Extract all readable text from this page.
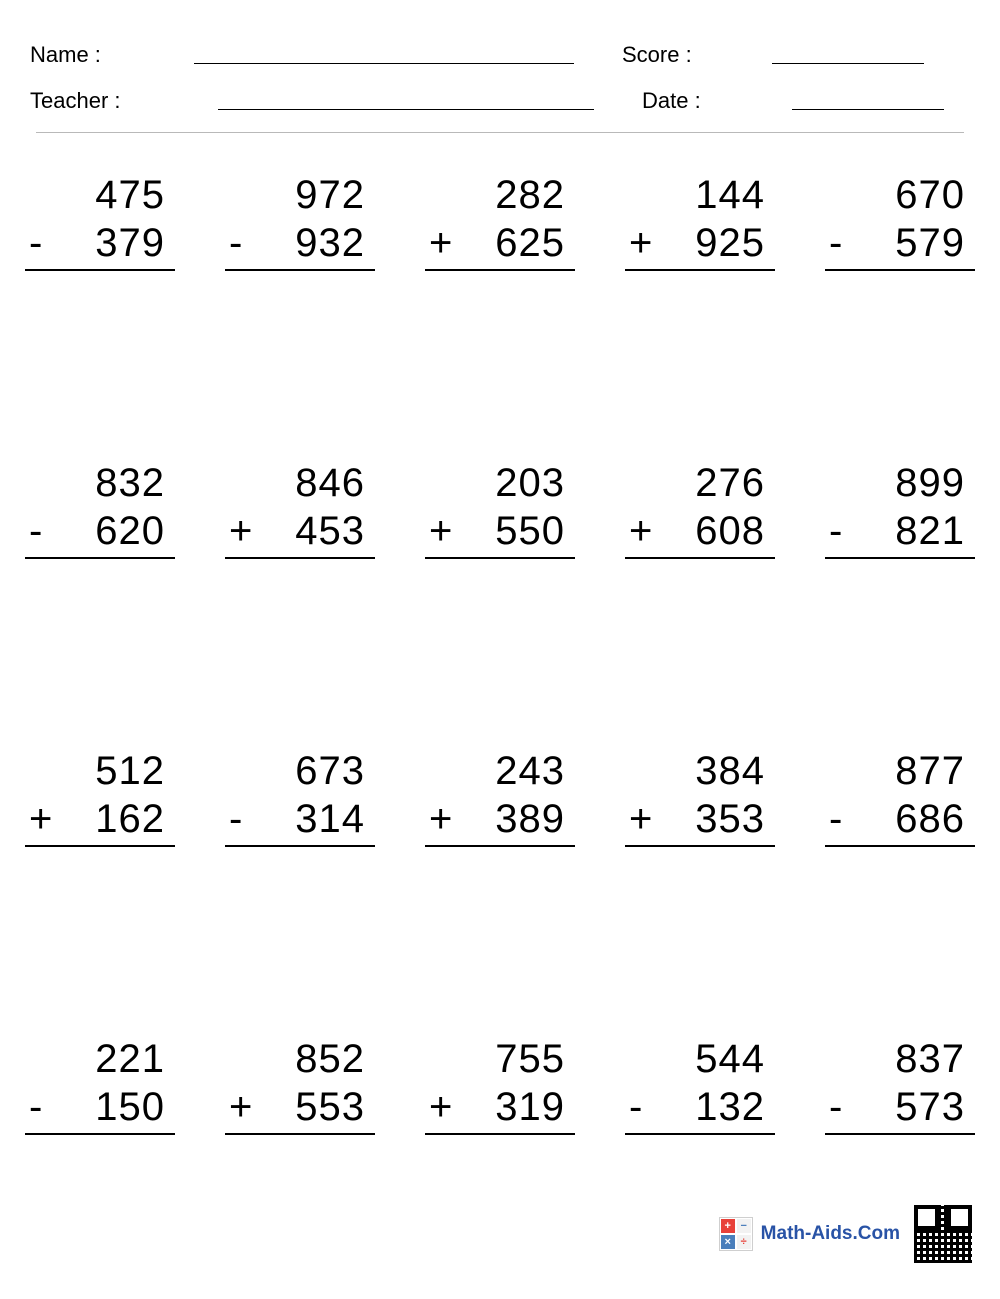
Name :	Score :
Teacher :	Date :
475
-	379
972
-	932
282
+	625
144
+	925
670
-	579
832
-	620
846
+	453
203
+	550
276
+	608
899
-	821
512
+	162
673
-	314
243
+	389
384
+	353
877
-	686
221
-	150
852
+	553
755
+	319
544
-	132
837
-	573
+ −
× ÷ Math-Aids.Com
